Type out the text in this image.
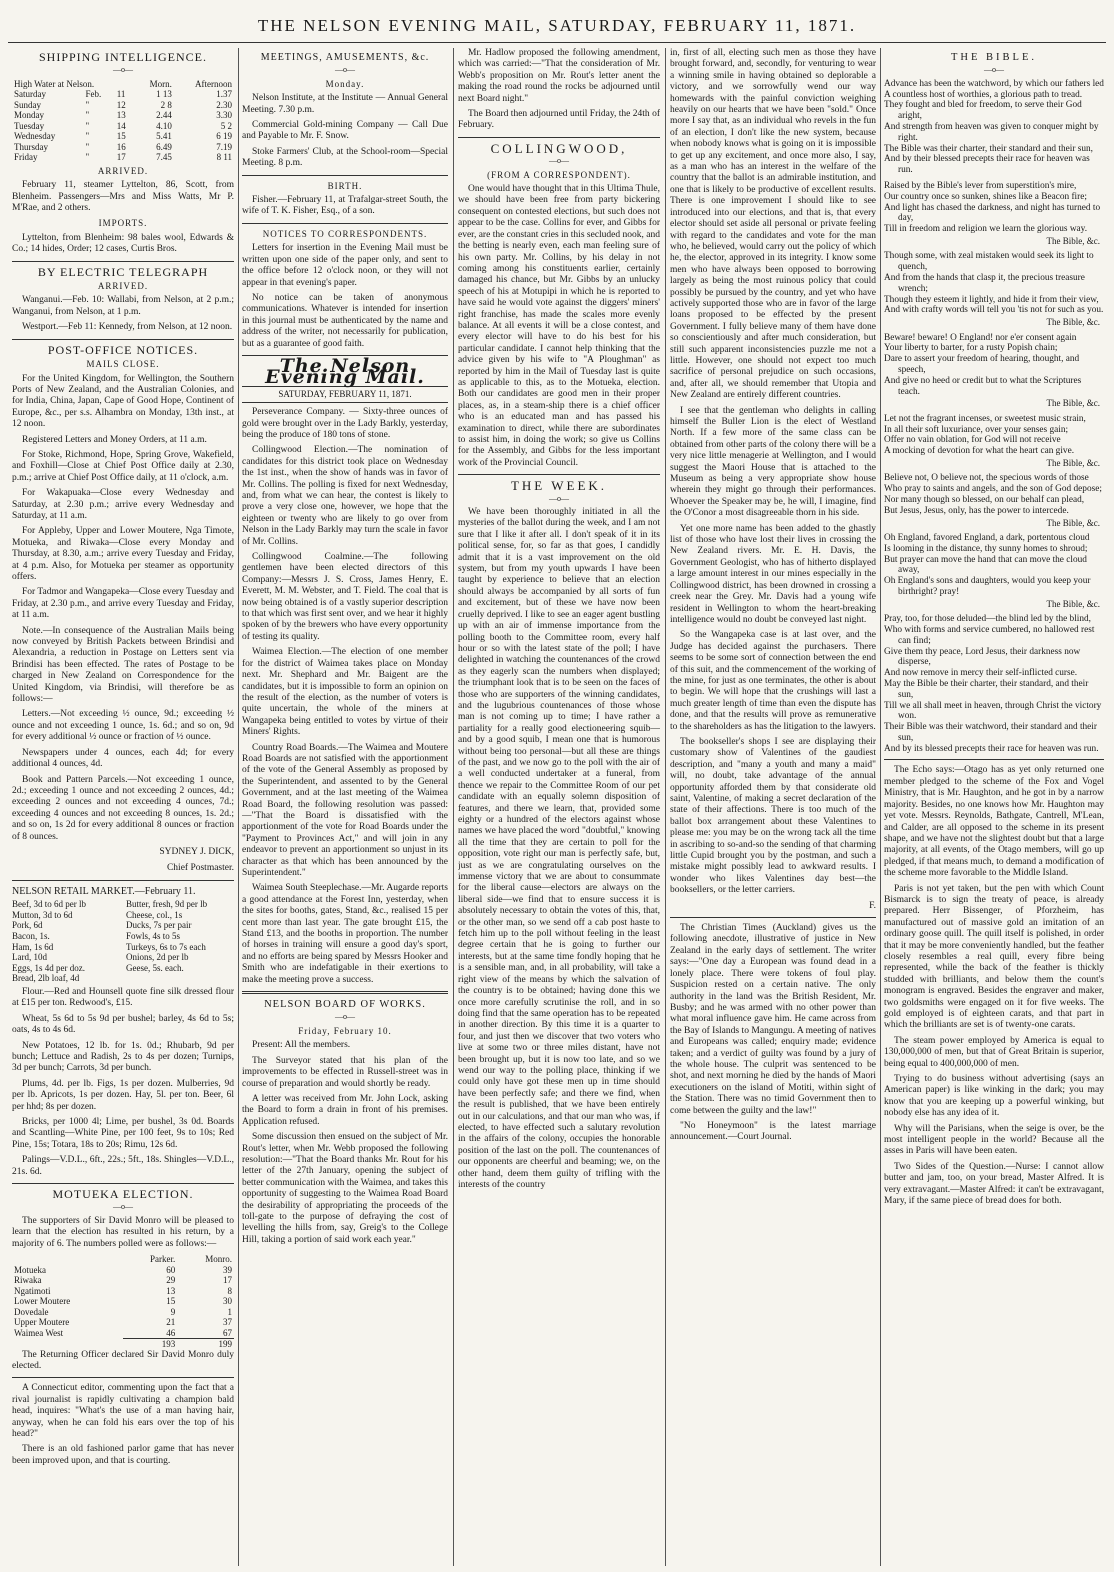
THE NELSON EVENING MAIL, SATURDAY, FEBRUARY 11, 1871.
SHIPPING INTELLIGENCE.
—o—
High Water at Nelson.			Morn.	Afternoon
Saturday	Feb.	11	1 13	1.37
Sunday	"	12	2 8	2.30
Monday	"	13	2.44	3.30
Tuesday	"	14	4.10	5 2
Wednesday	"	15	5.41	6 19
Thursday	"	16	6.49	7.19
Friday	"	17	7.45	8 11
ARRIVED.

February 11, steamer Lyttelton, 86, Scott, from Blenheim. Passengers—Mrs and Miss Watts, Mr P. M'Rae, and 2 others.

IMPORTS.

Lyttelton, from Blenheim: 98 bales wool, Edwards & Co.; 14 hides, Order; 12 cases, Curtis Bros.

BY ELECTRIC TELEGRAPH
ARRIVED.

Wanganui.—Feb. 10: Wallabi, from Nelson, at 2 p.m.; Wanganui, from Nelson, at 1 p.m.

Westport.—Feb 11: Kennedy, from Nelson, at 12 noon.

POST-OFFICE NOTICES.
MAILS CLOSE.

For the United Kingdom, for Wellington, the Southern Ports of New Zealand, and the Australian Colonies, and for India, China, Japan, Cape of Good Hope, Continent of Europe, &c., per s.s. Alhambra on Monday, 13th inst., at 12 noon.

Registered Letters and Money Orders, at 11 a.m.

For Stoke, Richmond, Hope, Spring Grove, Wakefield, and Foxhill—Close at Chief Post Office daily at 2.30, p.m.; arrive at Chief Post Office daily, at 11 o'clock, a.m.

For Wakapuaka—Close every Wednesday and Saturday, at 2.30 p.m.; arrive every Wednesday and Saturday, at 11 a.m.

For Appleby, Upper and Lower Moutere, Nga Timote, Motueka, and Riwaka—Close every Monday and Thursday, at 8.30, a.m.; arrive every Tuesday and Friday, at 4 p.m. Also, for Motueka per steamer as opportunity offers.

For Tadmor and Wangapeka—Close every Tuesday and Friday, at 2.30 p.m., and arrive every Tuesday and Friday, at 11 a.m.

Note.—In consequence of the Australian Mails being now conveyed by British Packets between Brindisi and Alexandria, a reduction in Postage on Letters sent via Brindisi has been effected. The rates of Postage to be charged in New Zealand on Correspondence for the United Kingdom, via Brindisi, will therefore be as follows:—

Letters.—Not exceeding ½ ounce, 9d.; exceeding ½ ounce and not exceeding 1 ounce, 1s. 6d.; and so on, 9d for every additional ½ ounce or fraction of ½ ounce.

Newspapers under 4 ounces, each 4d; for every additional 4 ounces, 4d.

Book and Pattern Parcels.—Not exceeding 1 ounce, 2d.; exceeding 1 ounce and not exceeding 2 ounces, 4d.; exceeding 2 ounces and not exceeding 4 ounces, 7d.; exceeding 4 ounces and not exceeding 8 ounces, 1s. 2d.; and so on, 1s 2d for every additional 8 ounces or fraction of 8 ounces.

SYDNEY J. DICK,
Chief Postmaster.
NELSON RETAIL MARKET.—February 11.
Beef, 3d to 6d per lb
Mutton, 3d to 6d
Pork, 6d
Bacon, 1s.
Ham, 1s 6d
Lard, 10d
Eggs, 1s 4d per doz.
Bread, 2lb loaf, 4d
Butter, fresh, 9d per lb
Cheese, col., 1s
Ducks, 7s per pair
Fowls, 4s to 5s
Turkeys, 6s to 7s each
Onions, 2d per lb
Geese, 5s. each.

Flour.—Red and Hounsell quote fine silk dressed flour at £15 per ton. Redwood's, £15.

Wheat, 5s 6d to 5s 9d per bushel; barley, 4s 6d to 5s; oats, 4s to 4s 6d.

New Potatoes, 12 lb. for 1s. 0d.; Rhubarb, 9d per bunch; Lettuce and Radish, 2s to 4s per dozen; Turnips, 3d per bunch; Carrots, 3d per bunch.

Plums, 4d. per lb. Figs, 1s per dozen. Mulberries, 9d per lb. Apricots, 1s per dozen. Hay, 5l. per ton. Beer, 6l per hhd; 8s per dozen.

Bricks, per 1000 4l; Lime, per bushel, 3s 0d. Boards and Scantling—White Pine, per 100 feet, 9s to 10s; Red Pine, 15s; Totara, 18s to 20s; Rimu, 12s 6d.

Palings—V.D.L., 6ft., 22s.; 5ft., 18s. Shingles—V.D.L., 21s. 6d.

MOTUEKA ELECTION.
—o—

The supporters of Sir David Monro will be pleased to learn that the election has resulted in his return, by a majority of 6. The numbers polled were as follows:—

	Parker.	Monro.
Motueka	60	39
Riwaka	29	17
Ngatimoti	13	8
Lower Moutere	15	30
Dovedale	9	1
Upper Moutere	21	37
Waimea West	46	67
	193	199

The Returning Officer declared Sir David Monro duly elected.

A Connecticut editor, commenting upon the fact that a rival journalist is rapidly cultivating a champion bald head, inquires: "What's the use of a man having hair, anyway, when he can fold his ears over the top of his head?"

There is an old fashioned parlor game that has never been improved upon, and that is courting.

MEETINGS, AMUSEMENTS, &c.
—o—
Monday.

Nelson Institute, at the Institute — Annual General Meeting. 7.30 p.m.

Commercial Gold-mining Company — Call Due and Payable to Mr. F. Snow.

Stoke Farmers' Club, at the School-room—Special Meeting. 8 p.m.

BIRTH.

Fisher.—February 11, at Trafalgar-street South, the wife of T. K. Fisher, Esq., of a son.

NOTICES TO CORRESPONDENTS.

Letters for insertion in the Evening Mail must be written upon one side of the paper only, and sent to the office before 12 o'clock noon, or they will not appear in that evening's paper.

No notice can be taken of anonymous communications. Whatever is intended for insertion in this journal must be authenticated by the name and address of the writer, not necessarily for publication, but as a guarantee of good faith.

The Nelson Evening Mail.
SATURDAY, FEBRUARY 11, 1871.

Perseverance Company. — Sixty-three ounces of gold were brought over in the Lady Barkly, yesterday, being the produce of 180 tons of stone.

Collingwood Election.—The nomination of candidates for this district took place on Wednesday the 1st inst., when the show of hands was in favor of Mr. Collins. The polling is fixed for next Wednesday, and, from what we can hear, the contest is likely to prove a very close one, however, we hope that the eighteen or twenty who are likely to go over from Nelson in the Lady Barkly may turn the scale in favor of Mr. Collins.

Collingwood Coalmine.—The following gentlemen have been elected directors of this Company:—Messrs J. S. Cross, James Henry, E. Everett, M. M. Webster, and T. Field. The coal that is now being obtained is of a vastly superior description to that which was first sent over, and we hear it highly spoken of by the brewers who have every opportunity of testing its quality.

Waimea Election.—The election of one member for the district of Waimea takes place on Monday next. Mr. Shephard and Mr. Baigent are the candidates, but it is impossible to form an opinion on the result of the election, as the number of voters is quite uncertain, the whole of the miners at Wangapeka being entitled to votes by virtue of their Miners' Rights.

Country Road Boards.—The Waimea and Moutere Road Boards are not satisfied with the apportionment of the vote of the General Assembly as proposed by the Superintendent, and assented to by the General Government, and at the last meeting of the Waimea Road Board, the following resolution was passed:—"That the Board is dissatisfied with the apportionment of the vote for Road Boards under the "Payment to Provinces Act," and will join in any endeavor to prevent an apportionment so unjust in its character as that which has been announced by the Superintendent."

Waimea South Steeplechase.—Mr. Augarde reports a good attendance at the Forest Inn, yesterday, when the sites for booths, gates, Stand, &c., realised 15 per cent more than last year. The gate brought £15, the Stand £13, and the booths in proportion. The number of horses in training will ensure a good day's sport, and no efforts are being spared by Messrs Hooker and Smith who are indefatigable in their exertions to make the meeting prove a success.

NELSON BOARD OF WORKS.
—o—
Friday, February 10.

Present: All the members.

The Surveyor stated that his plan of the improvements to be effected in Russell-street was in course of preparation and would shortly be ready.

A letter was received from Mr. John Lock, asking the Board to form a drain in front of his premises. Application refused.

Some discussion then ensued on the subject of Mr. Rout's letter, when Mr. Webb proposed the following resolution:—"That the Board thanks Mr. Rout for his letter of the 27th January, opening the subject of better communication with the Waimea, and takes this opportunity of suggesting to the Waimea Road Board the desirability of appropriating the proceeds of the toll-gate to the purpose of defraying the cost of levelling the hills from, say, Greig's to the College Hill, taking a portion of said work each year."

Mr. Hadlow proposed the following amendment, which was carried:—"That the consideration of Mr. Webb's proposition on Mr. Rout's letter anent the making the road round the rocks be adjourned until next Board night."

The Board then adjourned until Friday, the 24th of February.

COLLINGWOOD,
—o—
(FROM A CORRESPONDENT).

One would have thought that in this Ultima Thule, we should have been free from party bickering consequent on contested elections, but such does not appear to be the case. Collins for ever, and Gibbs for ever, are the constant cries in this secluded nook, and the betting is nearly even, each man feeling sure of his own party. Mr. Collins, by his delay in not coming among his constituents earlier, certainly damaged his chance, but Mr. Gibbs by an unlucky speech of his at Motupipi in which he is reported to have said he would vote against the diggers' miners' right franchise, has made the scales more evenly balance. At all events it will be a close contest, and every elector will have to do his best for his particular candidate. I cannot help thinking that the advice given by his wife to "A Ploughman" as reported by him in the Mail of Tuesday last is quite as applicable to this, as to the Motueka, election. Both our candidates are good men in their proper places, as, in a steam-ship there is a chief officer who is an educated man and has passed his examination to direct, while there are subordinates to assist him, in doing the work; so give us Collins for the Assembly, and Gibbs for the less important work of the Provincial Council.

THE WEEK.
—o—

We have been thoroughly initiated in all the mysteries of the ballot during the week, and I am not sure that I like it after all. I don't speak of it in its political sense, for, so far as that goes, I candidly admit that it is a vast improvement on the old system, but from my youth upwards I have been taught by experience to believe that an election should always be accompanied by all sorts of fun and excitement, but of these we have now been cruelly deprived. I like to see an eager agent bustling up with an air of immense importance from the polling booth to the Committee room, every half hour or so with the latest state of the poll; I have delighted in watching the countenances of the crowd as they eagerly scan the numbers when displayed; the triumphant look that is to be seen on the faces of those who are supporters of the winning candidates, and the lugubrious countenances of those whose man is not coming up to time; I have rather a partiality for a really good electioneering squib—and by a good squib, I mean one that is humorous without being too personal—but all these are things of the past, and we now go to the poll with the air of a well conducted undertaker at a funeral, from thence we repair to the Committee Room of our pet candidate with an equally solemn disposition of features, and there we learn, that, provided some eighty or a hundred of the electors against whose names we have placed the word "doubtful," knowing all the time that they are certain to poll for the opposition, vote right our man is perfectly safe, but, just as we are congratulating ourselves on the immense victory that we are about to consummate for the liberal cause—electors are always on the liberal side—we find that to ensure success it is absolutely necessary to obtain the votes of this, that, or the other man, so we send off a cab post haste to fetch him up to the poll without feeling in the least degree certain that he is going to further our interests, but at the same time fondly hoping that he is a sensible man, and, in all probability, will take a right view of the means by which the salvation of the country is to be obtained; having done this we once more carefully scrutinise the roll, and in so doing find that the same operation has to be repeated in another direction. By this time it is a quarter to four, and just then we discover that two voters who live at some two or three miles distant, have not been brought up, but it is now too late, and so we wend our way to the polling place, thinking if we could only have got these men up in time should have been perfectly safe; and there we find, when the result is published, that we have been entirely out in our calculations, and that our man who was, if elected, to have effected such a salutary revolution in the affairs of the colony, occupies the honorable position of the last on the poll. The countenances of our opponents are cheerful and beaming; we, on the other hand, deem them guilty of trifling with the interests of the country

in, first of all, electing such men as those they have brought forward, and, secondly, for venturing to wear a winning smile in having obtained so deplorable a victory, and we sorrowfully wend our way homewards with the painful conviction weighing heavily on our hearts that we have been "sold." Once more I say that, as an individual who revels in the fun of an election, I don't like the new system, because when nobody knows what is going on it is impossible to get up any excitement, and once more also, I say, as a man who has an interest in the welfare of the country that the ballot is an admirable institution, and one that is likely to be productive of excellent results. There is one improvement I should like to see introduced into our elections, and that is, that every elector should set aside all personal or private feeling with regard to the candidates and vote for the man who, he believed, would carry out the policy of which he, the elector, approved in its integrity. I know some men who have always been opposed to borrowing largely as being the most ruinous policy that could possibly be pursued by the country, and yet who have actively supported those who are in favor of the large loans proposed to be effected by the present Government. I fully believe many of them have done so conscientiously and after much consideration, but still such apparent inconsistencies puzzle me not a little. However, one should not expect too much sacrifice of personal prejudice on such occasions, and, after all, we should remember that Utopia and New Zealand are entirely different countries.

I see that the gentleman who delights in calling himself the Buller Lion is the elect of Westland North. If a few more of the same class can be obtained from other parts of the colony there will be a very nice little menagerie at Wellington, and I would suggest the Maori House that is attached to the Museum as being a very appropriate show house wherein they might go through their performances. Whoever the Speaker may be, he will, I imagine, find the O'Conor a most disagreeable thorn in his side.

Yet one more name has been added to the ghastly list of those who have lost their lives in crossing the New Zealand rivers. Mr. E. H. Davis, the Government Geologist, who has of hitherto displayed a large amount interest in our mines especially in the Collingwood district, has been drowned in crossing a creek near the Grey. Mr. Davis had a young wife resident in Wellington to whom the heart-breaking intelligence would no doubt be conveyed last night.

So the Wangapeka case is at last over, and the Judge has decided against the purchasers. There seems to be some sort of connection between the end of this suit, and the commencement of the working of the mine, for just as one terminates, the other is about to begin. We will hope that the crushings will last a much greater length of time than even the dispute has done, and that the results will prove as remunerative to the shareholders as has the litigation to the lawyers.

The bookseller's shops I see are displaying their customary show of Valentines of the gaudiest description, and "many a youth and many a maid" will, no doubt, take advantage of the annual opportunity afforded them by that considerate old saint, Valentine, of making a secret declaration of the state of their affections. There is too much of the ballot box arrangement about these Valentines to please me: you may be on the wrong tack all the time in ascribing to so-and-so the sending of that charming little Cupid brought you by the postman, and such a mistake might possibly lead to awkward results. I wonder who likes Valentines day best—the booksellers, or the letter carriers.

F.

The Christian Times (Auckland) gives us the following anecdote, illustrative of justice in New Zealand in the early days of settlement. The writer says:—"One day a European was found dead in a lonely place. There were tokens of foul play. Suspicion rested on a certain native. The only authority in the land was the British Resident, Mr. Busby; and he was armed with no other power than what moral influence gave him. He came across from the Bay of Islands to Mangungu. A meeting of natives and Europeans was called; enquiry made; evidence taken; and a verdict of guilty was found by a jury of the whole house. The culprit was sentenced to be shot, and next morning he died by the hands of Maori executioners on the island of Motiti, within sight of the Station. There was no timid Government then to come between the guilty and the law!"

"No Honeymoon" is the latest marriage announcement.—Court Journal.

THE BIBLE.
—o—
Advance has been the watchword, by which our fathers led
A countless host of worthies, a glorious path to tread.
They fought and bled for freedom, to serve their God aright,
And strength from heaven was given to conquer might by right.
The Bible was their charter, their standard and their sun,
And by their blessed precepts their race for heaven was run.
Raised by the Bible's lever from superstition's mire,
Our country once so sunken, shines like a Beacon fire;
And light has chased the darkness, and night has turned to day,
Till in freedom and religion we learn the glorious way.
The Bible, &c.
Though some, with zeal mistaken would seek its light to quench,
And from the hands that clasp it, the precious treasure wrench;
Though they esteem it lightly, and hide it from their view,
And with crafty words will tell you 'tis not for such as you.
The Bible, &c.
Beware! beware! O England! nor e'er consent again
Your liberty to barter, for a rusty Popish chain;
Dare to assert your freedom of hearing, thought, and speech,
And give no heed or credit but to what the Scriptures teach.
The Bible, &c.
Let not the fragrant incenses, or sweetest music strain,
In all their soft luxuriance, over your senses gain;
Offer no vain oblation, for God will not receive
A mocking of devotion for what the heart can give.
The Bible, &c.
Believe not, O believe not, the specious words of those
Who pray to saints and angels, and the son of God depose;
Nor many though so blessed, on our behalf can plead,
But Jesus, Jesus, only, has the power to intercede.
The Bible, &c.
Oh England, favored England, a dark, portentous cloud
Is looming in the distance, thy sunny homes to shroud;
But prayer can move the hand that can move the cloud away,
Oh England's sons and daughters, would you keep your birthright? pray!
The Bible, &c.
Pray, too, for those deluded—the blind led by the blind,
Who with forms and service cumbered, no hallowed rest can find;
Give them thy peace, Lord Jesus, their darkness now disperse,
And now remove in mercy their self-inflicted curse.
May the Bible be their charter, their standard, and their sun,
Till we all shall meet in heaven, through Christ the victory won.
Their Bible was their watchword, their standard and their sun,
And by its blessed precepts their race for heaven was run.

The Echo says:—Otago has as yet only returned one member pledged to the scheme of the Fox and Vogel Ministry, that is Mr. Haughton, and he got in by a narrow majority. Besides, no one knows how Mr. Haughton may yet vote. Messrs. Reynolds, Bathgate, Cantrell, M'Lean, and Calder, are all opposed to the scheme in its present shape, and we have not the slightest doubt but that a large majority, at all events, of the Otago members, will go up pledged, if that means much, to demand a modification of the scheme more favorable to the Middle Island.

Paris is not yet taken, but the pen with which Count Bismarck is to sign the treaty of peace, is already prepared. Herr Bissenger, of Pforzheim, has manufactured out of massive gold an imitation of an ordinary goose quill. The quill itself is polished, in order that it may be more conveniently handled, but the feather closely resembles a real quill, every fibre being represented, while the back of the feather is thickly studded with brilliants, and below them the count's monogram is engraved. Besides the engraver and maker, two goldsmiths were engaged on it for five weeks. The gold employed is of eighteen carats, and that part in which the brilliants are set is of twenty-one carats.

The steam power employed by America is equal to 130,000,000 of men, but that of Great Britain is superior, being equal to 400,000,000 of men.

Trying to do business without advertising (says an American paper) is like winking in the dark; you may know that you are keeping up a powerful winking, but nobody else has any idea of it.

Why will the Parisians, when the seige is over, be the most intelligent people in the world? Because all the asses in Paris will have been eaten.

Two Sides of the Question.—Nurse: I cannot allow butter and jam, too, on your bread, Master Alfred. It is very extravagant.—Master Alfred: it can't be extravagant, Mary, if the same piece of bread does for both.
